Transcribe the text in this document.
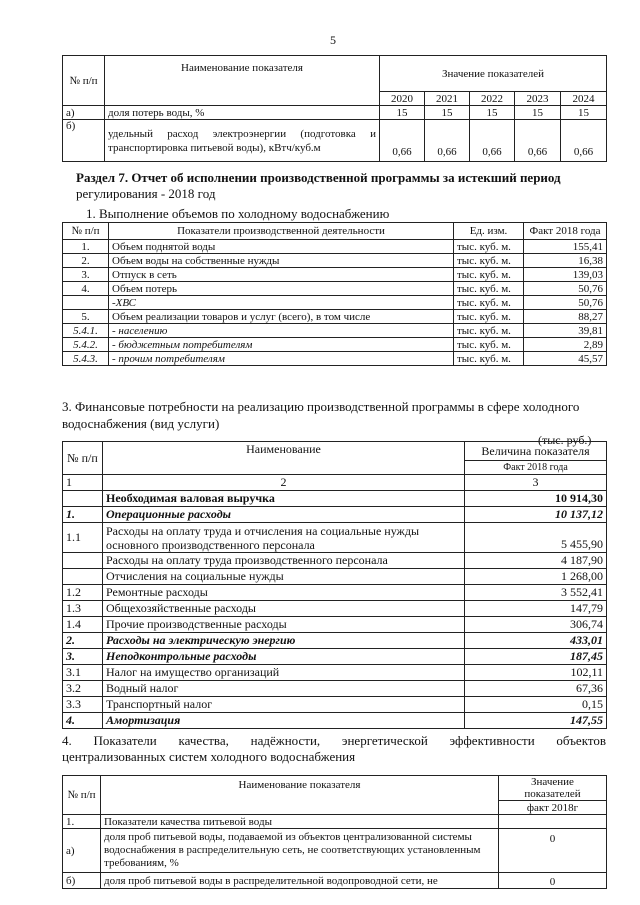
5
№ п/п	Наименование показателя	Значение показателей				
		2020	2021	2022	2023	2024
а)	доля потерь воды, %	15	15	15	15	15
б)	удельный расход электроэнергии (подготовка и транспортировка питьевой воды), кВтч/куб.м	0,66	0,66	0,66	0,66	0,66

Раздел 7. Отчет об исполнении производственной программы за истекший период

регулирования - 2018 год

1. Выполнение объемов по холодному водоснабжению
№ п/п	Показатели производственной деятельности	Ед. изм.	Факт 2018 года
1.	Объем поднятой воды	тыс. куб. м.	155,41
2.	Объем воды на собственные нужды	тыс. куб. м.	16,38
3.	Отпуск в сеть	тыс. куб. м.	139,03
4.	Объем потерь	тыс. куб. м.	50,76
	-ХВС	тыс. куб. м.	50,76
5.	Объем реализации товаров и услуг (всего), в том числе	тыс. куб. м.	88,27
5.4.1.	- населению	тыс. куб. м.	39,81
5.4.2.	- бюджетным потребителям	тыс. куб. м.	2,89
5.4.3.	- прочим потребителям	тыс. куб. м.	45,57

3. Финансовые потребности на реализацию производственной программы в сфере холодного

водоснабжения (вид услуги)

(тыс. руб.)
№ п/п	Наименование	Величина показателя
		Факт 2018 года
1	2	3
	Необходимая валовая выручка	10 914,30
1.	Операционные расходы	10 137,12
1.1	Расходы на оплату труда и отчисления на социальные нужды основного производственного персонала	5 455,90
	Расходы на оплату труда производственного персонала	4 187,90
	Отчисления на социальные нужды	1 268,00
1.2	Ремонтные расходы	3 552,41
1.3	Общехозяйственные расходы	147,79
1.4	Прочие производственные расходы	306,74
2.	Расходы на электрическую энергию	433,01
3.	Неподконтрольные расходы	187,45
3.1	Налог на имущество организаций	102,11
3.2	Водный налог	67,36
3.3	Транспортный налог	0,15
4.	Амортизация	147,55

4. Показатели качества, надёжности, энергетической эффективности объектов

централизованных систем холодного водоснабжения

№ п/п	Наименование показателя	Значение показателей
		факт 2018г
1.	Показатели качества питьевой воды	
а)	доля проб питьевой воды, подаваемой из объектов централизованной системы водоснабжения в распределительную сеть, не соответствующих установленным требованиям, %	0
б)	доля проб питьевой воды в распределительной водопроводной сети, не	0
